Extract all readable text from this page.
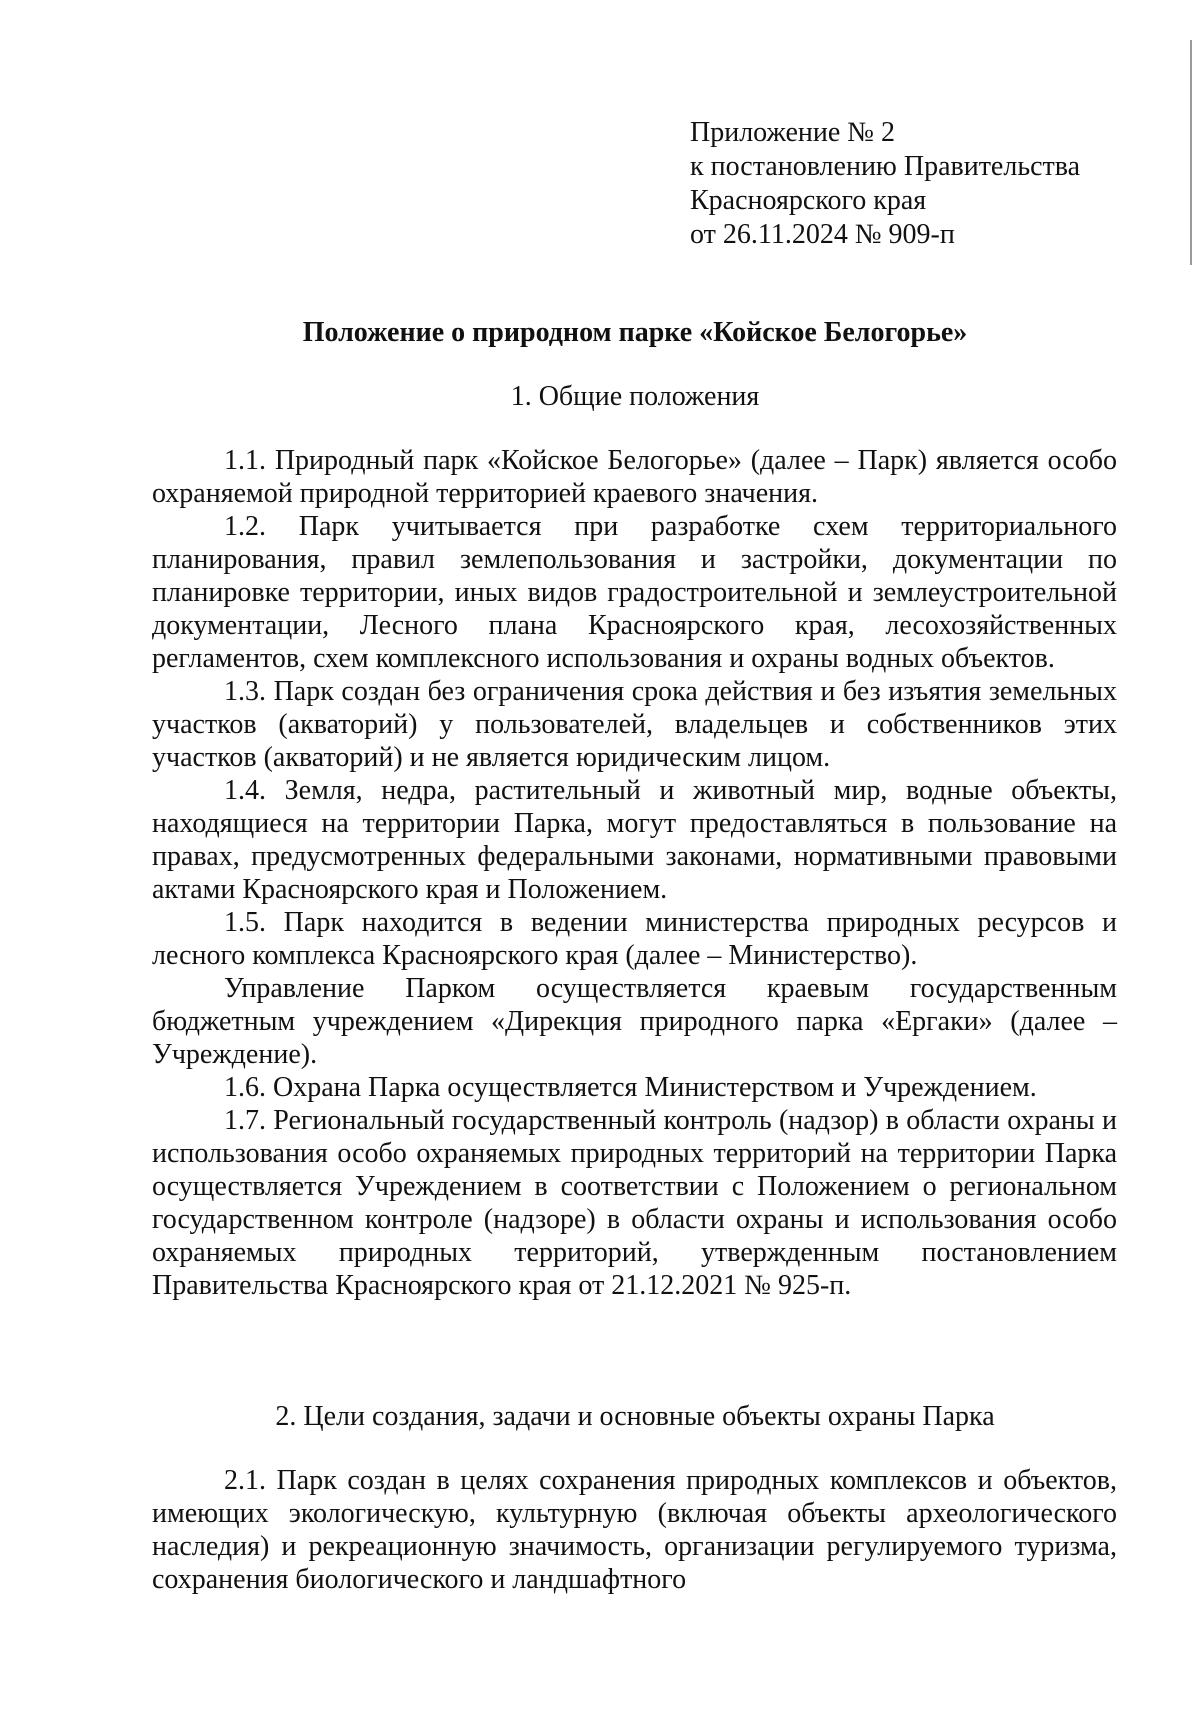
Приложение № 2
к постановлению Правительства
Красноярского края
от 26.11.2024 № 909-п
Положение о природном парке «Койское Белогорье»
1. Общие положения

1.1. Природный парк «Койское Белогорье» (далее – Парк) является особо охраняемой природной территорией краевого значения.

1.2. Парк учитывается при разработке схем территориального планирования, правил землепользования и застройки, документации по планировке территории, иных видов градостроительной и землеустроительной документации, Лесного плана Красноярского края, лесохозяйственных регламентов, схем комплексного использования и охраны водных объектов.

1.3. Парк создан без ограничения срока действия и без изъятия земельных участков (акваторий) у пользователей, владельцев и собственников этих участков (акваторий) и не является юридическим лицом.

1.4. Земля, недра, растительный и животный мир, водные объекты, находящиеся на территории Парка, могут предоставляться в пользование на правах, предусмотренных федеральными законами, нормативными правовыми актами Красноярского края и Положением.

1.5. Парк находится в ведении министерства природных ресурсов и лесного комплекса Красноярского края (далее – Министерство).

Управление Парком осуществляется краевым государственным бюджетным учреждением «Дирекция природного парка «Ергаки» (далее – Учреждение).

1.6. Охрана Парка осуществляется Министерством и Учреждением.

1.7. Региональный государственный контроль (надзор) в области охраны и использования особо охраняемых природных территорий на территории Парка осуществляется Учреждением в соответствии с Положением о региональном государственном контроле (надзоре) в области охраны и использования особо охраняемых природных территорий, утвержденным постановлением Правительства Красноярского края от 21.12.2021 № 925-п.

2. Цели создания, задачи и основные объекты охраны Парка

2.1. Парк создан в целях сохранения природных комплексов и объектов, имеющих экологическую, культурную (включая объекты археологического наследия) и рекреационную значимость, организации регулируемого туризма, сохранения биологического и ландшафтного
